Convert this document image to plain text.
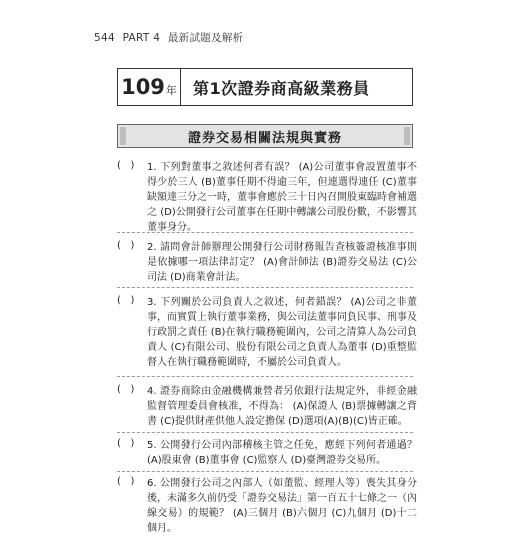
544 PART 4 最新試題及解析
109 年	第1次證券商高級業務員
證券交易相關法規與實務
(   ) 1. 下列對董事之敘述何者有誤？ (A)公司董事會設置董事不得少於三人 (B)董事任期不得逾三年，但連選得連任 (C)董事缺額達三分之一時，董事會應於三十日內召開股東臨時會補選之 (D)公開發行公司董事在任期中轉讓公司股份數，不影響其董事身分。
(   ) 2. 請問會計師辦理公開發行公司財務報告查核簽證核准事則是依據哪一項法律訂定？ (A)會計師法 (B)證券交易法 (C)公司法 (D)商業會計法。
(   ) 3. 下列關於公司負責人之敘述，何者錯誤？ (A)公司之非董事，而實質上執行董事業務，與公司法董事同負民事、刑事及行政罰之責任 (B)在執行職務範圍內，公司之清算人為公司負責人 (C)有限公司、股份有限公司之負責人為董事 (D)重整監督人在執行職務範圍時，不屬於公司負責人。
(   ) 4. 證券商除由金融機構兼營者另依銀行法規定外，非經金融監督管理委員會核准，不得為： (A)保證人 (B)票據轉讓之背書 (C)提供財產供他人設定擔保 (D)選項(A)(B)(C)皆正確。
(   ) 5. 公開發行公司內部稽核主管之任免，應經下列何者通過？ (A)股東會 (B)董事會 (C)監察人 (D)臺灣證券交易所。
(   ) 6. 公開發行公司之內部人（如董監、經理人等）喪失其身分後，未滿多久前仍受「證券交易法」第一百五十七條之一（內線交易）的規範？ (A)三個月 (B)六個月 (C)九個月 (D)十二個月。
